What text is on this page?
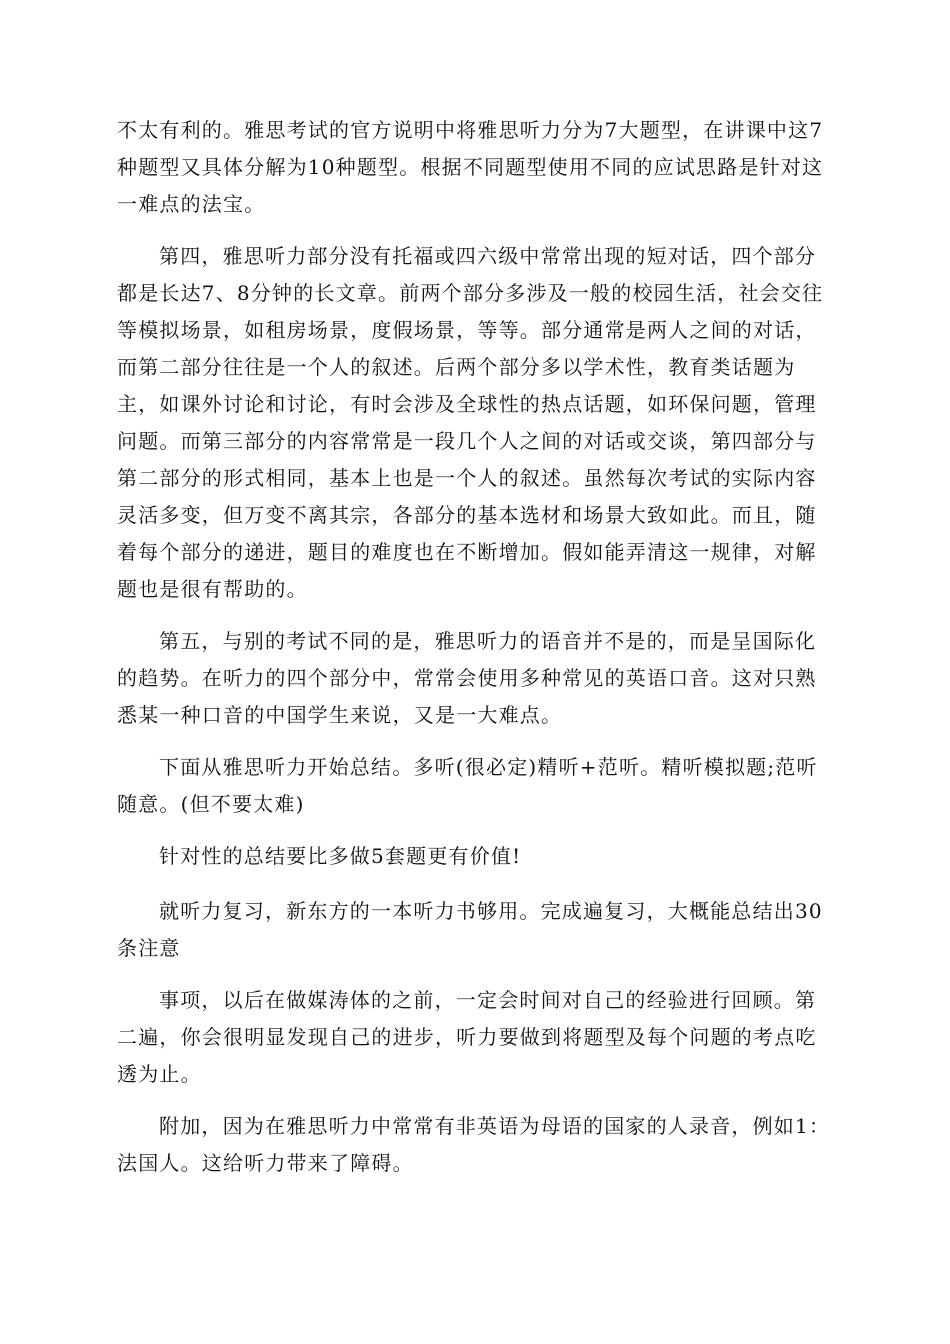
不太有利的。雅思考试的官方说明中将雅思听力分为7大题型，在讲课中这7种题型又具体分解为10种题型。根据不同题型使用不同的应试思路是针对这一难点的法宝。

第四，雅思听力部分没有托福或四六级中常常出现的短对话，四个部分都是长达7、8分钟的长文章。前两个部分多涉及一般的校园生活，社会交往等模拟场景，如租房场景，度假场景，等等。部分通常是两人之间的对话，而第二部分往往是一个人的叙述。后两个部分多以学术性，教育类话题为主，如课外讨论和讨论，有时会涉及全球性的热点话题，如环保问题，管理问题。而第三部分的内容常常是一段几个人之间的对话或交谈，第四部分与第二部分的形式相同，基本上也是一个人的叙述。虽然每次考试的实际内容灵活多变，但万变不离其宗，各部分的基本选材和场景大致如此。而且，随着每个部分的递进，题目的难度也在不断增加。假如能弄清这一规律，对解题也是很有帮助的。

第五，与别的考试不同的是，雅思听力的语音并不是的，而是呈国际化的趋势。在听力的四个部分中，常常会使用多种常见的英语口音。这对只熟悉某一种口音的中国学生来说，又是一大难点。

下面从雅思听力开始总结。多听(很必定)精听+范听。精听模拟题;范听随意。(但不要太难)

针对性的总结要比多做5套题更有价值!

就听力复习，新东方的一本听力书够用。完成遍复习，大概能总结出30条注意

事项，以后在做媒涛体的之前，一定会时间对自己的经验进行回顾。第二遍，你会很明显发现自己的进步，听力要做到将题型及每个问题的考点吃透为止。

附加，因为在雅思听力中常常有非英语为母语的国家的人录音，例如1：法国人。这给听力带来了障碍。
